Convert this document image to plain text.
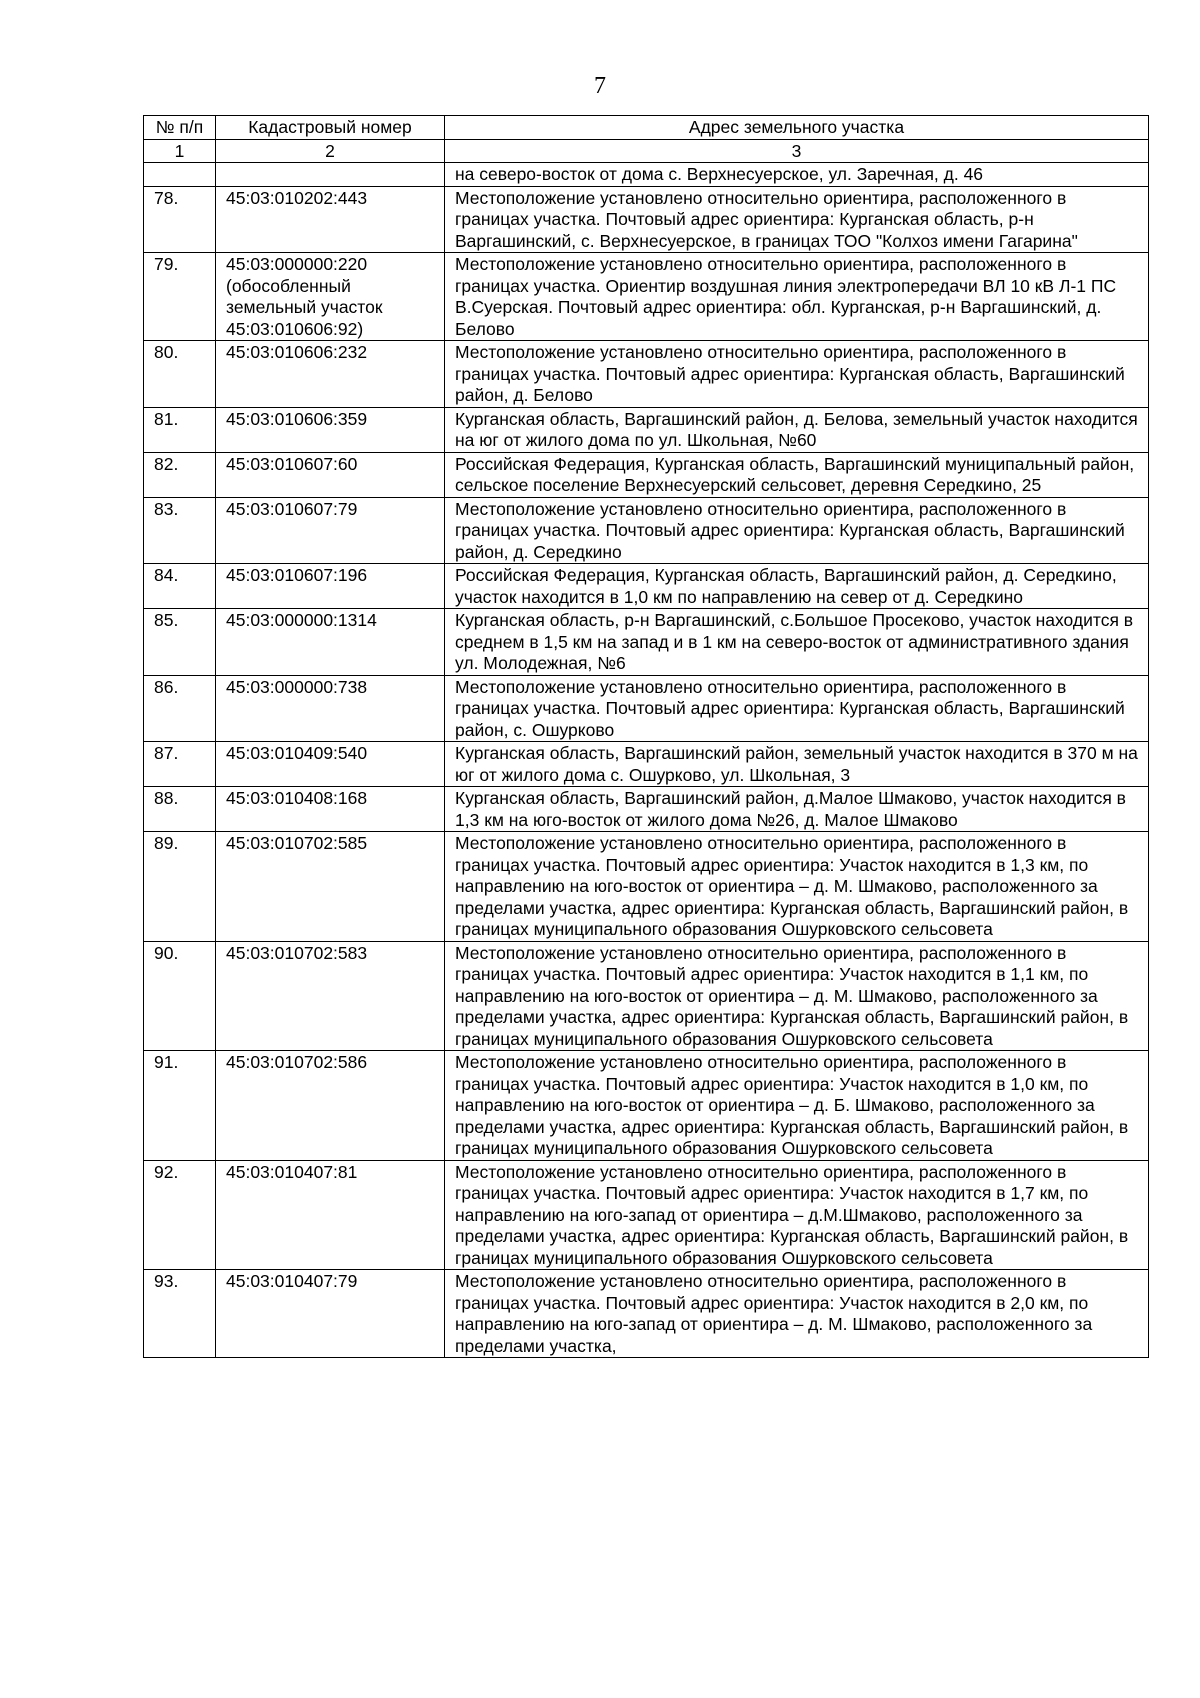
7
№ п/п	Кадастровый номер	Адрес земельного участка
1	2	3
		на северо-восток от дома с. Верхнесуерское, ул. Заречная, д. 46
78.	45:03:010202:443	Местоположение установлено относительно ориентира, расположенного в границах участка. Почтовый адрес ориентира: Курганская область, р-н Варгашинский, с. Верхнесуерское, в границах ТОО "Колхоз имени Гагарина"
79.	45:03:000000:220 (обособленный земельный участок 45:03:010606:92)	Местоположение установлено относительно ориентира, расположенного в границах участка. Ориентир воздушная линия электропередачи ВЛ 10 кВ Л-1 ПС В.Суерская. Почтовый адрес ориентира: обл. Курганская, р-н Варгашинский, д. Белово
80.	45:03:010606:232	Местоположение установлено относительно ориентира, расположенного в границах участка. Почтовый адрес ориентира: Курганская область, Варгашинский район, д. Белово
81.	45:03:010606:359	Курганская область, Варгашинский район, д. Белова, земельный участок находится на юг от жилого дома по ул. Школьная, №60
82.	45:03:010607:60	Российская Федерация, Курганская область, Варгашинский муниципальный район, сельское поселение Верхнесуерский сельсовет, деревня Середкино, 25
83.	45:03:010607:79	Местоположение установлено относительно ориентира, расположенного в границах участка. Почтовый адрес ориентира: Курганская область, Варгашинский район, д. Середкино
84.	45:03:010607:196	Российская Федерация, Курганская область, Варгашинский район, д. Середкино, участок находится в 1,0 км по направлению на север от д. Середкино
85.	45:03:000000:1314	Курганская область, р-н Варгашинский, с.Большое Просеково, участок находится в среднем в 1,5 км на запад и в 1 км на северо-восток от административного здания ул. Молодежная, №6
86.	45:03:000000:738	Местоположение установлено относительно ориентира, расположенного в границах участка. Почтовый адрес ориентира: Курганская область, Варгашинский район, с. Ошурково
87.	45:03:010409:540	Курганская область, Варгашинский район, земельный участок находится в 370 м на юг от жилого дома с. Ошурково, ул. Школьная, 3
88.	45:03:010408:168	Курганская область, Варгашинский район, д.Малое Шмаково, участок находится в 1,3 км на юго-восток от жилого дома №26, д. Малое Шмаково
89.	45:03:010702:585	Местоположение установлено относительно ориентира, расположенного в границах участка. Почтовый адрес ориентира: Участок находится в 1,3 км, по направлению на юго-восток от ориентира – д. М. Шмаково, расположенного за пределами участка, адрес ориентира: Курганская область, Варгашинский район, в границах муниципального образования Ошурковского сельсовета
90.	45:03:010702:583	Местоположение установлено относительно ориентира, расположенного в границах участка. Почтовый адрес ориентира: Участок находится в 1,1 км, по направлению на юго-восток от ориентира – д. М. Шмаково, расположенного за пределами участка, адрес ориентира: Курганская область, Варгашинский район, в границах муниципального образования Ошурковского сельсовета
91.	45:03:010702:586	Местоположение установлено относительно ориентира, расположенного в границах участка. Почтовый адрес ориентира: Участок находится в 1,0 км, по направлению на юго-восток от ориентира – д. Б. Шмаково, расположенного за пределами участка, адрес ориентира: Курганская область, Варгашинский район, в границах муниципального образования Ошурковского сельсовета
92.	45:03:010407:81	Местоположение установлено относительно ориентира, расположенного в границах участка. Почтовый адрес ориентира: Участок находится в 1,7 км, по направлению на юго-запад от ориентира – д.М.Шмаково, расположенного за пределами участка, адрес ориентира: Курганская область, Варгашинский район, в границах муниципального образования Ошурковского сельсовета
93.	45:03:010407:79	Местоположение установлено относительно ориентира, расположенного в границах участка. Почтовый адрес ориентира: Участок находится в 2,0 км, по направлению на юго-запад от ориентира – д. М. Шмаково, расположенного за пределами участка,
